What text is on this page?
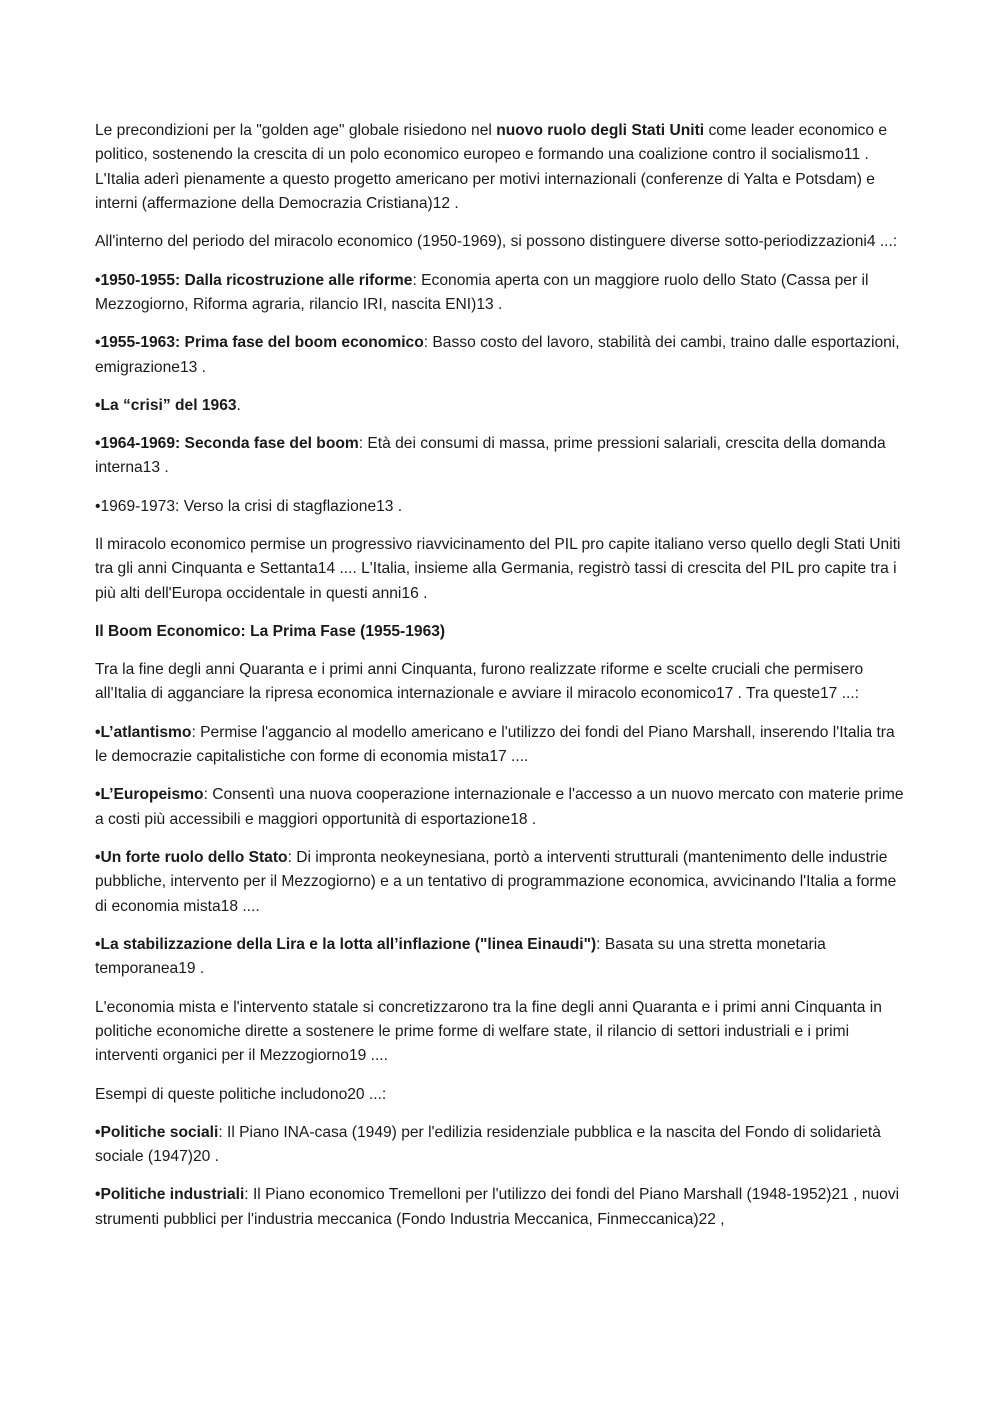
Le precondizioni per la "golden age" globale risiedono nel nuovo ruolo degli Stati Uniti come leader economico e politico, sostenendo la crescita di un polo economico europeo e formando una coalizione contro il socialismo11 . L'Italia aderì pienamente a questo progetto americano per motivi internazionali (conferenze di Yalta e Potsdam) e interni (affermazione della Democrazia Cristiana)12 .

All'interno del periodo del miracolo economico (1950-1969), si possono distinguere diverse sotto-periodizzazioni4 ...:

•1950-1955: Dalla ricostruzione alle riforme: Economia aperta con un maggiore ruolo dello Stato (Cassa per il Mezzogiorno, Riforma agraria, rilancio IRI, nascita ENI)13 .

•1955-1963: Prima fase del boom economico: Basso costo del lavoro, stabilità dei cambi, traino dalle esportazioni, emigrazione13 .

•La “crisi” del 1963.

•1964-1969: Seconda fase del boom: Età dei consumi di massa, prime pressioni salariali, crescita della domanda interna13 .

•1969-1973: Verso la crisi di stagflazione13 .

Il miracolo economico permise un progressivo riavvicinamento del PIL pro capite italiano verso quello degli Stati Uniti tra gli anni Cinquanta e Settanta14 .... L'Italia, insieme alla Germania, registrò tassi di crescita del PIL pro capite tra i più alti dell'Europa occidentale in questi anni16 .

Il Boom Economico: La Prima Fase (1955-1963)

Tra la fine degli anni Quaranta e i primi anni Cinquanta, furono realizzate riforme e scelte cruciali che permisero all'Italia di agganciare la ripresa economica internazionale e avviare il miracolo economico17 . Tra queste17 ...:

•L’atlantismo: Permise l'aggancio al modello americano e l'utilizzo dei fondi del Piano Marshall, inserendo l'Italia tra le democrazie capitalistiche con forme di economia mista17 ....

•L’Europeismo: Consentì una nuova cooperazione internazionale e l'accesso a un nuovo mercato con materie prime a costi più accessibili e maggiori opportunità di esportazione18 .

•Un forte ruolo dello Stato: Di impronta neokeynesiana, portò a interventi strutturali (mantenimento delle industrie pubbliche, intervento per il Mezzogiorno) e a un tentativo di programmazione economica, avvicinando l'Italia a forme di economia mista18 ....

•La stabilizzazione della Lira e la lotta all’inflazione ("linea Einaudi"): Basata su una stretta monetaria temporanea19 .

L'economia mista e l'intervento statale si concretizzarono tra la fine degli anni Quaranta e i primi anni Cinquanta in politiche economiche dirette a sostenere le prime forme di welfare state, il rilancio di settori industriali e i primi interventi organici per il Mezzogiorno19 ....

Esempi di queste politiche includono20 ...:

•Politiche sociali: Il Piano INA-casa (1949) per l'edilizia residenziale pubblica e la nascita del Fondo di solidarietà sociale (1947)20 .

•Politiche industriali: Il Piano economico Tremelloni per l'utilizzo dei fondi del Piano Marshall (1948-1952)21 , nuovi strumenti pubblici per l'industria meccanica (Fondo Industria Meccanica, Finmeccanica)22 ,
